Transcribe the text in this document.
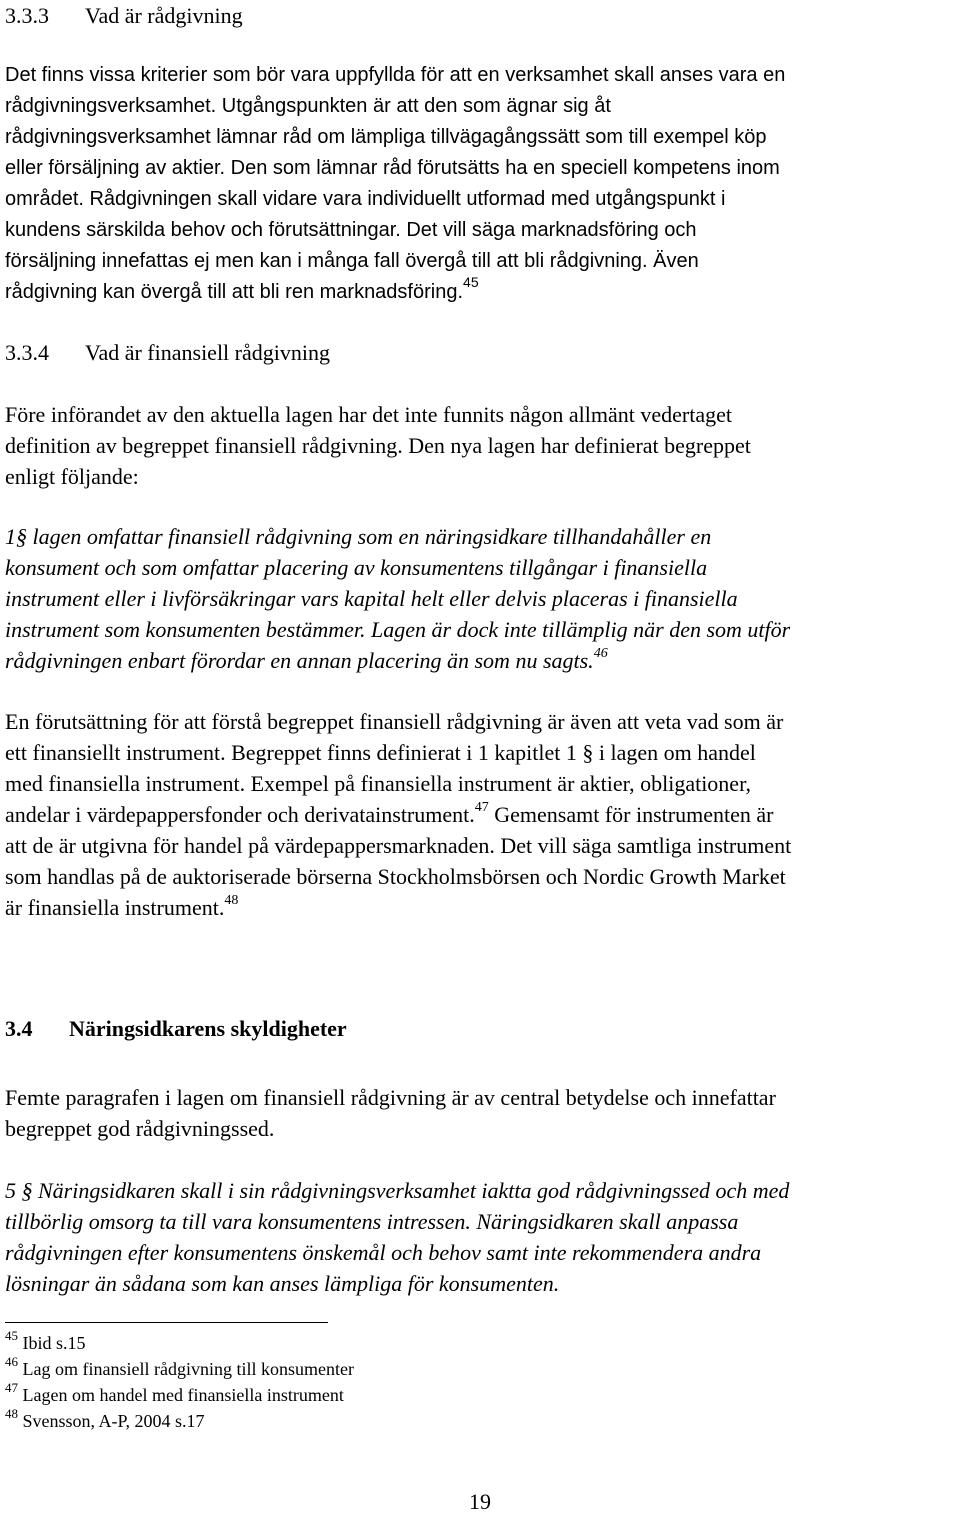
3.3.3 Vad är rådgivning
Det finns vissa kriterier som bör vara uppfyllda för att en verksamhet skall anses vara en
rådgivningsverksamhet. Utgångspunkten är att den som ägnar sig åt
rådgivningsverksamhet lämnar råd om lämpliga tillvägagångssätt som till exempel köp
eller försäljning av aktier. Den som lämnar råd förutsätts ha en speciell kompetens inom
området. Rådgivningen skall vidare vara individuellt utformad med utgångspunkt i
kundens särskilda behov och förutsättningar. Det vill säga marknadsföring och
försäljning innefattas ej men kan i många fall övergå till att bli rådgivning. Även
rådgivning kan övergå till att bli ren marknadsföring.$^{45}$
3.3.4 Vad är finansiell rådgivning
Före införandet av den aktuella lagen har det inte funnits någon allmänt vedertaget
definition av begreppet finansiell rådgivning. Den nya lagen har definierat begreppet
enligt följande:
1§ lagen omfattar finansiell rådgivning som en näringsidkare tillhandahåller en
konsument och som omfattar placering av konsumentens tillgångar i finansiella
instrument eller i livförsäkringar vars kapital helt eller delvis placeras i finansiella
instrument som konsumenten bestämmer. Lagen är dock inte tillämplig när den som utför
rådgivningen enbart förordar en annan placering än som nu sagts.$^{46}$
En förutsättning för att förstå begreppet finansiell rådgivning är även att veta vad som är
ett finansiellt instrument. Begreppet finns definierat i 1 kapitlet 1 § i lagen om handel
med finansiella instrument. Exempel på finansiella instrument är aktier, obligationer,
andelar i värdepappersfonder och derivatainstrument.$^{47}$ Gemensamt för instrumenten är
att de är utgivna för handel på värdepappersmarknaden. Det vill säga samtliga instrument
som handlas på de auktoriserade börserna Stockholmsbörsen och Nordic Growth Market
är finansiella instrument.$^{48}$
3.4 Näringsidkarens skyldigheter
Femte paragrafen i lagen om finansiell rådgivning är av central betydelse och innefattar
begreppet god rådgivningssed.
5 § Näringsidkaren skall i sin rådgivningsverksamhet iaktta god rådgivningssed och med
tillbörlig omsorg ta till vara konsumentens intressen. Näringsidkaren skall anpassa
rådgivningen efter konsumentens önskemål och behov samt inte rekommendera andra
lösningar än sådana som kan anses lämpliga för konsumenten.
$^{45}$ Ibid s.15
$^{46}$ Lag om finansiell rådgivning till konsumenter
$^{47}$ Lagen om handel med finansiella instrument
$^{48}$ Svensson, A-P, 2004 s.17
19
